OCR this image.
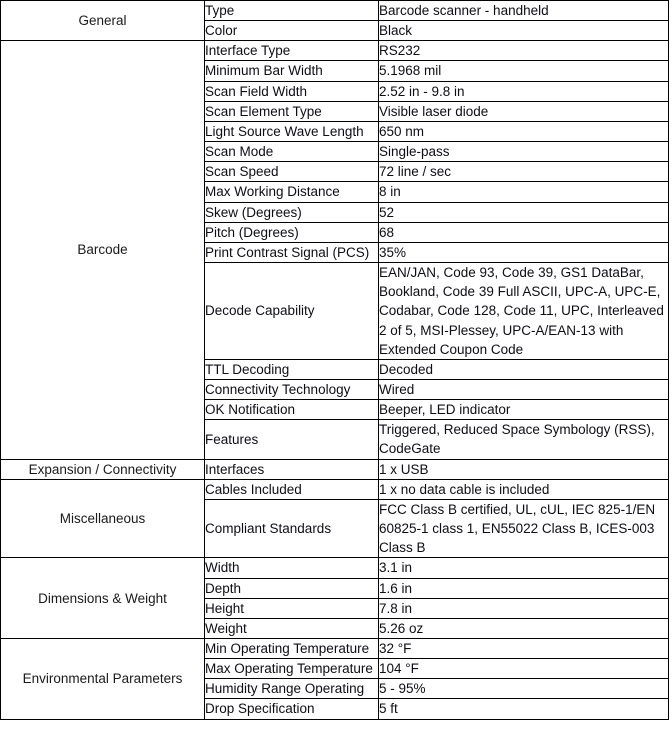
General	Type	Barcode scanner - handheld

	Color	Black

Barcode	Interface Type	RS232

	Minimum Bar Width	5.1968 mil

	Scan Field Width	2.52 in - 9.8 in

	Scan Element Type	Visible laser diode

	Light Source Wave Length	650 nm

	Scan Mode	Single-pass

	Scan Speed	72 line / sec

	Max Working Distance	8 in

	Skew (Degrees)	52

	Pitch (Degrees)	68

	Print Contrast Signal (PCS)	35%

	Decode Capability	EAN/JAN, Code 93, Code 39, GS1 DataBar, Bookland, Code 39 Full ASCII, UPC-A, UPC-E, Codabar, Code 128, Code 11, UPC, Interleaved 2 of 5, MSI-Plessey, UPC-A/EAN-13 with Extended Coupon Code

	TTL Decoding	Decoded

	Connectivity Technology	Wired

	OK Notification	Beeper, LED indicator

	Features	Triggered, Reduced Space Symbology (RSS), CodeGate

Expansion / Connectivity	Interfaces	1 x USB

Miscellaneous	Cables Included	1 x no data cable is included

	Compliant Standards	FCC Class B certified, UL, cUL, IEC 825-1/EN 60825-1 class 1, EN55022 Class B, ICES-003 Class B

Dimensions & Weight	Width	3.1 in

	Depth	1.6 in

	Height	7.8 in

	Weight	5.26 oz

Environmental Parameters	Min Operating Temperature	32 °F

	Max Operating Temperature	104 °F

	Humidity Range Operating	5 - 95%

	Drop Specification	5 ft
